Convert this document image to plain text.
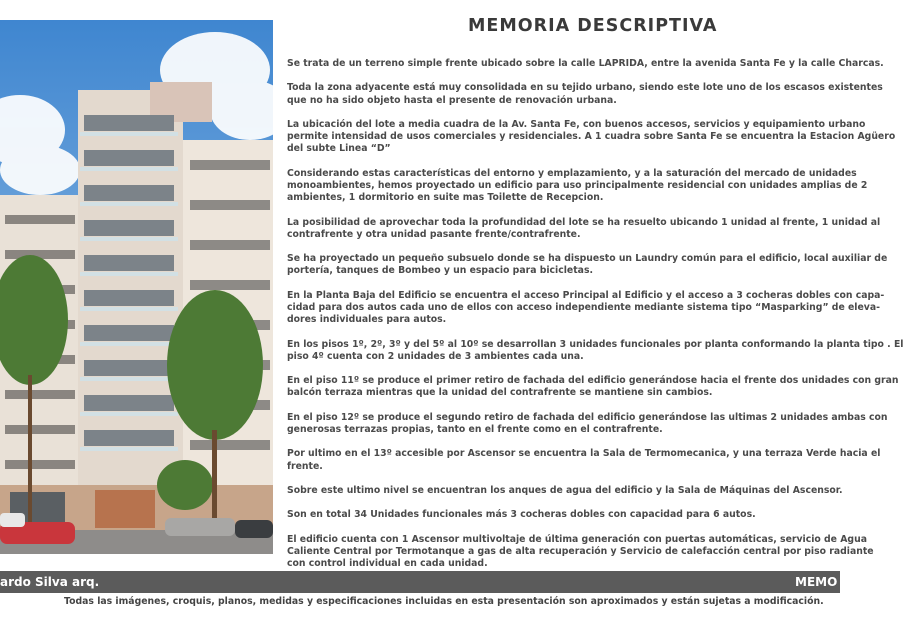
MEMORIA DESCRIPTIVA

Se trata de un terreno simple frente ubicado sobre la calle LAPRIDA, entre la avenida Santa Fe y la calle Charcas.

Toda la zona adyacente está muy consolidada en su tejido urbano, siendo este lote uno de los escasos existentes
que no ha sido objeto hasta el presente de renovación urbana.

La ubicación del lote a media cuadra de la Av. Santa Fe, con buenos accesos, servicios y equipamiento urbano
permite intensidad de usos comerciales y residenciales. A 1 cuadra sobre Santa Fe se encuentra la Estacion Agüero
del subte Linea “D”

Considerando estas características del entorno y emplazamiento, y a la saturación del mercado de unidades
monoambientes, hemos proyectado un edificio para uso principalmente residencial con unidades amplias de 2
ambientes, 1 dormitorio en suite mas Toilette de Recepcion.

La posibilidad de aprovechar toda la profundidad del lote se ha resuelto ubicando 1 unidad al frente, 1 unidad al
contrafrente y otra unidad pasante frente/contrafrente.

Se ha proyectado un pequeño subsuelo donde se ha dispuesto un Laundry común para el edificio, local auxiliar de
portería, tanques de Bombeo y un espacio para bicicletas.

En la Planta Baja del Edificio se encuentra el acceso Principal al Edificio y el acceso a 3 cocheras dobles con capa-
cidad para dos autos cada uno de ellos con acceso independiente mediante sistema tipo “Masparking” de eleva-
dores individuales para autos.

En los pisos 1º, 2º, 3º y del 5º al 10º se desarrollan 3 unidades funcionales por planta conformando la planta tipo . El
piso 4º cuenta con 2 unidades de 3 ambientes cada una.

En el piso 11º se produce el primer retiro de fachada del edificio generándose hacia el frente dos unidades con gran
balcón terraza mientras que la unidad del contrafrente se mantiene sin cambios.

En el piso 12º se produce el segundo retiro de fachada del edificio generándose las ultimas 2 unidades ambas con
generosas terrazas propias, tanto en el frente como en el contrafrente.

Por ultimo en el 13º accesible por Ascensor se encuentra la Sala de Termomecanica, y una terraza Verde hacia el
frente.

Sobre este ultimo nivel se encuentran los anques de agua del edificio y la Sala de Máquinas del Ascensor.

Son en total 34 Unidades funcionales más 3 cocheras dobles con capacidad para 6 autos.

El edificio cuenta con 1 Ascensor multivoltaje de última generación con puertas automáticas, servicio de Agua
Caliente Central por Termotanque a gas de alta recuperación y Servicio de calefacción central por piso radiante
con control individual en cada unidad.

ardo Silva arq.	MEMO
Todas las imágenes, croquis, planos, medidas y especificaciones incluidas en esta presentación son aproximados y están sujetas a modificación.
